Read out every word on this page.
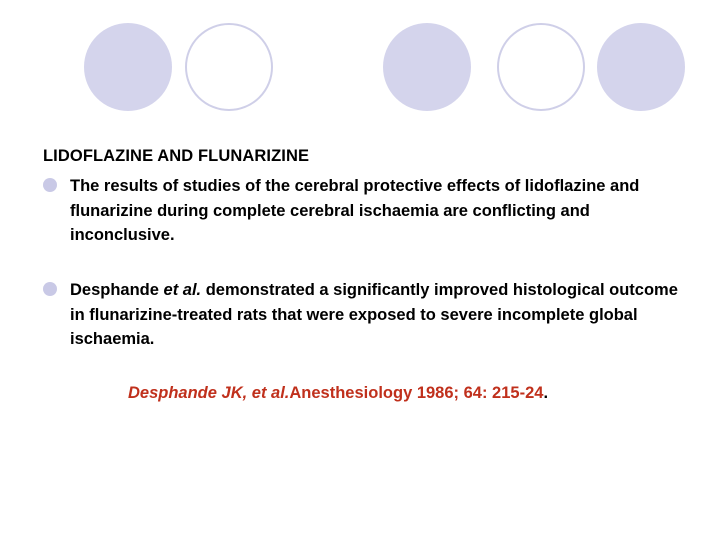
LIDOFLAZINE AND FLUNARIZINE
The results of studies of the cerebral protective effects of lidoflazine and flunarizine during complete cerebral ischaemia are conflicting and inconclusive.
Desphande et al. demonstrated a significantly improved histological outcome in flunarizine-treated rats that were exposed to severe incomplete global ischaemia.
Desphande JK, et al.Anesthesiology 1986; 64: 215-24.
